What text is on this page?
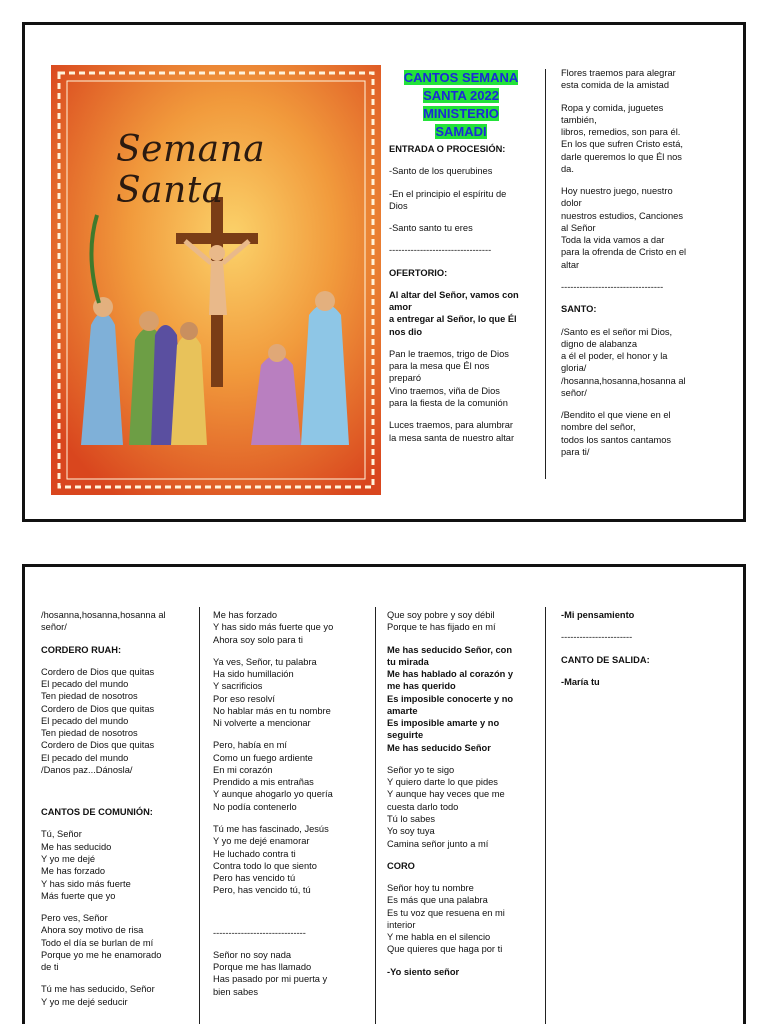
Semana Santa
CANTOS SEMANA
SANTA 2022
MINISTERIO
SAMADI

ENTRADA O PROCESIÓN:

-Santo de los querubines

-En el principio el espíritu de
Dios

-Santo santo tu eres

---------------------------------

OFERTORIO:

Al altar del Señor, vamos con
amor
a entregar al Señor, lo que Él
nos dio

Pan le traemos, trigo de Dios
para la mesa que Él nos
preparó
Vino traemos, viña de Dios
para la fiesta de la comunión

Luces traemos, para alumbrar
la mesa santa de nuestro altar

Flores traemos para alegrar
esta comida de la amistad

Ropa y comida, juguetes
también,
libros, remedios, son para él.
En los que sufren Cristo está,
darle queremos lo que Él nos
da.

Hoy nuestro juego, nuestro
dolor
nuestros estudios, Canciones
al Señor
Toda la vida vamos a dar
para la ofrenda de Cristo en el
altar

---------------------------------

SANTO:

/Santo es el señor mi Dios,
digno de alabanza
a él el poder, el honor y la
gloria/
/hosanna,hosanna,hosanna al
señor/

/Bendito el que viene en el
nombre del señor,
todos los santos cantamos
para ti/

/hosanna,hosanna,hosanna al
señor/

CORDERO RUAH:

Cordero de Dios que quitas
El pecado del mundo
Ten piedad de nosotros
Cordero de Dios que quitas
El pecado del mundo
Ten piedad de nosotros
Cordero de Dios que quitas
El pecado del mundo
/Danos paz...Dánosla/

CANTOS DE COMUNIÓN:

Tú, Señor
Me has seducido
Y yo me dejé
Me has forzado
Y has sido más fuerte
Más fuerte que yo

Pero ves, Señor
Ahora soy motivo de risa
Todo el día se burlan de mí
Porque yo me he enamorado
de ti

Tú me has seducido, Señor
Y yo me dejé seducir

Me has forzado
Y has sido más fuerte que yo
Ahora soy solo para ti

Ya ves, Señor, tu palabra
Ha sido humillación
Y sacrificios
Por eso resolví
No hablar más en tu nombre
Ni volverte a mencionar

Pero, había en mí
Como un fuego ardiente
En mi corazón
Prendido a mis entrañas
Y aunque ahogarlo yo quería
No podía contenerlo

Tú me has fascinado, Jesús
Y yo me dejé enamorar
He luchado contra ti
Contra todo lo que siento
Pero has vencido tú
Pero, has vencido tú, tú

------------------------------

Señor no soy nada
Porque me has llamado
Has pasado por mi puerta y
bien sabes

Que soy pobre y soy débil
Porque te has fijado en mí

Me has seducido Señor, con
tu mirada
Me has hablado al corazón y
me has querido
Es imposible conocerte y no
amarte
Es imposible amarte y no
seguirte
Me has seducido Señor

Señor yo te sigo
Y quiero darte lo que pides
Y aunque hay veces que me
cuesta darlo todo
Tú lo sabes
Yo soy tuya
Camina señor junto a mí

CORO

Señor hoy tu nombre
Es más que una palabra
Es tu voz que resuena en mi
interior
Y me habla en el silencio
Que quieres que haga por ti

-Yo siento señor

-Mi pensamiento

-----------------------

CANTO DE SALIDA:

-María tu
